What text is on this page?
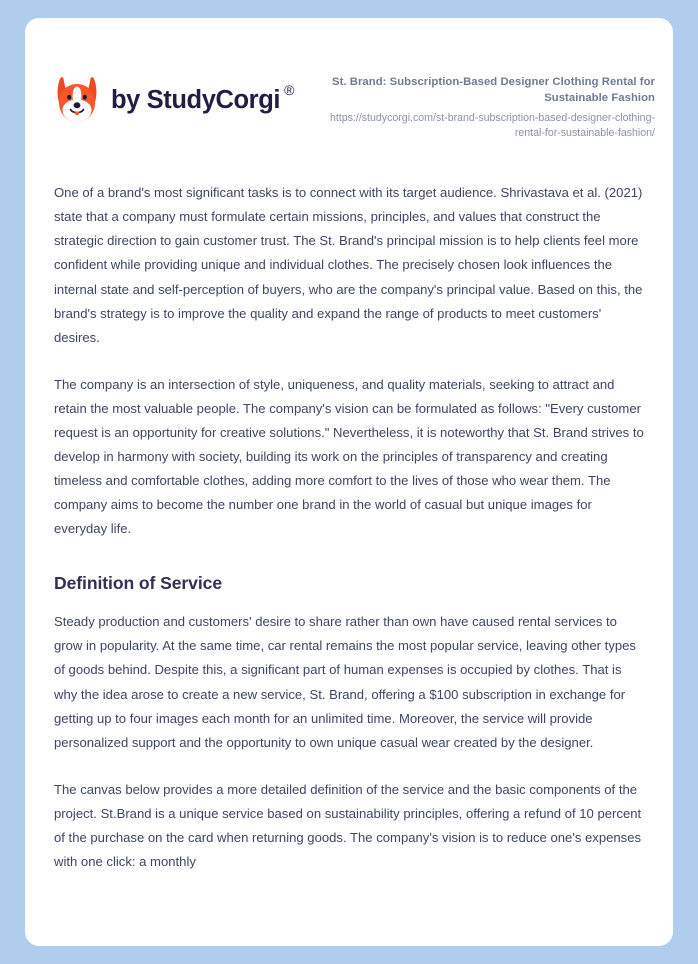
by StudyCorgi ®	St. Brand: Subscription-Based Designer Clothing Rental for Sustainable Fashion
https://studycorgi.com/st-brand-subscription-based-designer-clothing-rental-for-sustainable-fashion/

One of a brand's most significant tasks is to connect with its target audience. Shrivastava et al. (2021) state that a company must formulate certain missions, principles, and values that construct the strategic direction to gain customer trust. The St. Brand's principal mission is to help clients feel more confident while providing unique and individual clothes. The precisely chosen look influences the internal state and self-perception of buyers, who are the company's principal value. Based on this, the brand's strategy is to improve the quality and expand the range of products to meet customers' desires.

The company is an intersection of style, uniqueness, and quality materials, seeking to attract and retain the most valuable people. The company's vision can be formulated as follows: "Every customer request is an opportunity for creative solutions." Nevertheless, it is noteworthy that St. Brand strives to develop in harmony with society, building its work on the principles of transparency and creating timeless and comfortable clothes, adding more comfort to the lives of those who wear them. The company aims to become the number one brand in the world of casual but unique images for everyday life.

Definition of Service

Steady production and customers' desire to share rather than own have caused rental services to grow in popularity. At the same time, car rental remains the most popular service, leaving other types of goods behind. Despite this, a significant part of human expenses is occupied by clothes. That is why the idea arose to create a new service, St. Brand, offering a $100 subscription in exchange for getting up to four images each month for an unlimited time. Moreover, the service will provide personalized support and the opportunity to own unique casual wear created by the designer.

The canvas below provides a more detailed definition of the service and the basic components of the project. St.Brand is a unique service based on sustainability principles, offering a refund of 10 percent of the purchase on the card when returning goods. The company's vision is to reduce one's expenses with one click: a monthly
